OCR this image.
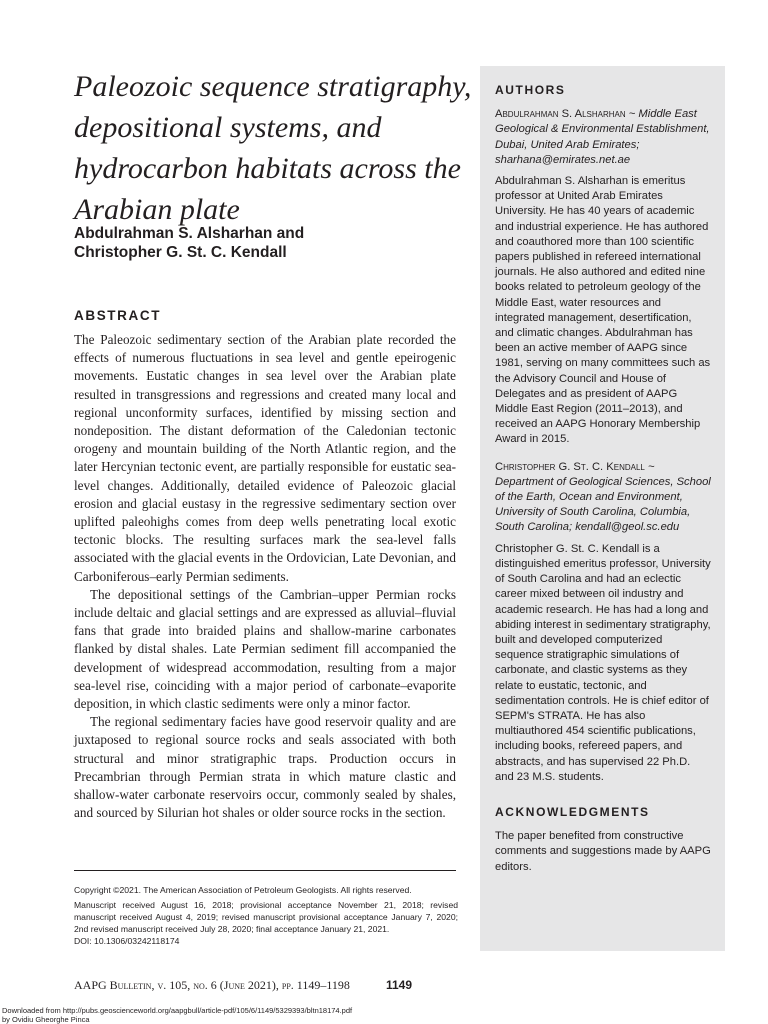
Paleozoic sequence stratigraphy, depositional systems, and hydrocarbon habitats across the Arabian plate
Abdulrahman S. Alsharhan and
Christopher G. St. C. Kendall
ABSTRACT

The Paleozoic sedimentary section of the Arabian plate recorded the effects of numerous fluctuations in sea level and gentle epeirogenic movements. Eustatic changes in sea level over the Arabian plate resulted in transgressions and regressions and created many local and regional unconformity surfaces, identified by missing section and nondeposition. The distant deformation of the Caledonian tectonic orogeny and mountain building of the North Atlantic region, and the later Hercynian tectonic event, are partially responsible for eustatic sea-level changes. Additionally, detailed evidence of Paleozoic glacial erosion and glacial eustasy in the regressive sedimentary section over uplifted paleohighs comes from deep wells penetrating local exotic tectonic blocks. The resulting surfaces mark the sea-level falls associated with the glacial events in the Ordovician, Late Devonian, and Carboniferous–early Permian sediments.

The depositional settings of the Cambrian–upper Permian rocks include deltaic and glacial settings and are expressed as alluvial–fluvial fans that grade into braided plains and shallow-marine carbonates flanked by distal shales. Late Permian sediment fill accompanied the development of widespread accommodation, resulting from a major sea-level rise, coinciding with a major period of carbonate–evaporite deposition, in which clastic sediments were only a minor factor.

The regional sedimentary facies have good reservoir quality and are juxtaposed to regional source rocks and seals associated with both structural and minor stratigraphic traps. Production occurs in Precambrian through Permian strata in which mature clastic and shallow-water carbonate reservoirs occur, commonly sealed by shales, and sourced by Silurian hot shales or older source rocks in the section.

Copyright ©2021. The American Association of Petroleum Geologists. All rights reserved.

Manuscript received August 16, 2018; provisional acceptance November 21, 2018; revised manuscript received August 4, 2019; revised manuscript provisional acceptance January 7, 2020; 2nd revised manuscript received July 28, 2020; final acceptance January 21, 2021.

DOI: 10.1306/03242118174

AUTHORS
Abdulrahman S. Alsharhan ~ Middle East Geological & Environmental Establishment, Dubai, United Arab Emirates; sharhana@emirates.net.ae

Abdulrahman S. Alsharhan is emeritus professor at United Arab Emirates University. He has 40 years of academic and industrial experience. He has authored and coauthored more than 100 scientific papers published in refereed international journals. He also authored and edited nine books related to petroleum geology of the Middle East, water resources and integrated management, desertification, and climatic changes. Abdulrahman has been an active member of AAPG since 1981, serving on many committees such as the Advisory Council and House of Delegates and as president of AAPG Middle East Region (2011–2013), and received an AAPG Honorary Membership Award in 2015.

Christopher G. St. C. Kendall ~ Department of Geological Sciences, School of the Earth, Ocean and Environment, University of South Carolina, Columbia, South Carolina; kendall@geol.sc.edu

Christopher G. St. C. Kendall is a distinguished emeritus professor, University of South Carolina and had an eclectic career mixed between oil industry and academic research. He has had a long and abiding interest in sedimentary stratigraphy, built and developed computerized sequence stratigraphic simulations of carbonate, and clastic systems as they relate to eustatic, tectonic, and sedimentation controls. He is chief editor of SEPM's STRATA. He has also multiauthored 454 scientific publications, including books, refereed papers, and abstracts, and has supervised 22 Ph.D. and 23 M.S. students.

ACKNOWLEDGMENTS

The paper benefited from constructive comments and suggestions made by AAPG editors.

AAPG Bulletin, v. 105, no. 6 (June 2021), pp. 1149–1198	1149
Downloaded from http://pubs.geoscienceworld.org/aapgbull/article-pdf/105/6/1149/5329393/bltn18174.pdf
by Ovidiu Gheorghe Pinca
